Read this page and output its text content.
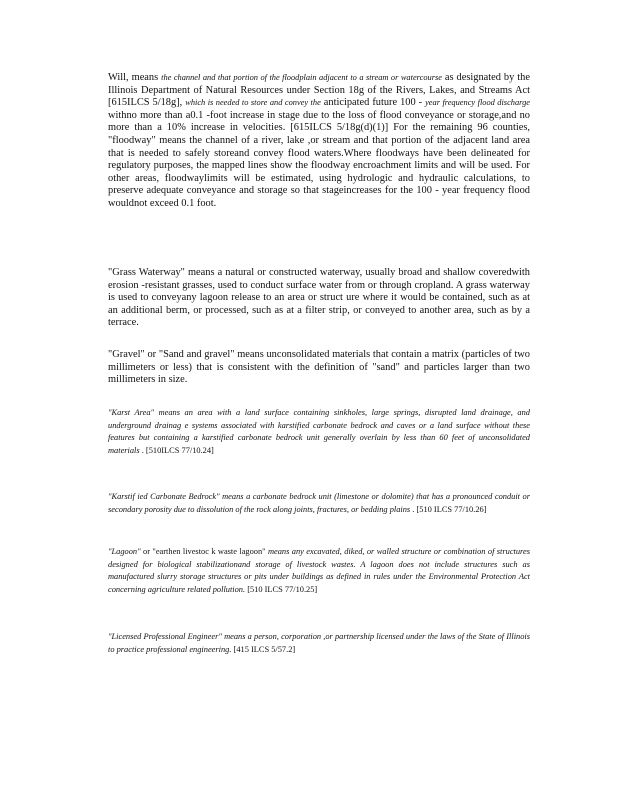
Will, means the channel and that portion of the floodplain adjacent to a stream or watercourse as designated by the Illinois Department of Natural Resources under Section 18g of the Rivers, Lakes, and Streams Act [615ILCS 5/18g], which is needed to store and convey the anticipated future 100 - year frequency flood discharge withno more than a0.1 -foot increase in stage due to the loss of flood conveyance or storage,and no more than a 10% increase in velocities. [615ILCS 5/18g(d)(1)] For the remaining 96 counties, "floodway" means the channel of a river, lake ,or stream and that portion of the adjacent land area that is needed to safely storeand convey flood waters.Where floodways have been delineated for regulatory purposes, the mapped lines show the floodway encroachment limits and will be used. For other areas, floodwaylimits will be estimated, using hydrologic and hydraulic calculations, to preserve adequate conveyance and storage so that stageincreases for the 100 - year frequency flood wouldnot exceed 0.1 foot.
"Grass Waterway" means a natural or constructed waterway, usually broad and shallow coveredwith erosion -resistant grasses, used to conduct surface water from or through cropland. A grass waterway is used to conveyany lagoon release to an area or struct ure where it would be contained, such as at an additional berm, or processed, such as at a filter strip, or conveyed to another area, such as by a terrace.
"Gravel" or "Sand and gravel" means unconsolidated materials that contain a matrix (particles of two millimeters or less) that is consistent with the definition of "sand" and particles larger than two millimeters in size.
"Karst Area" means an area with a land surface containing sinkholes, large springs, disrupted land drainage, and underground drainag e systems associated with karstified carbonate bedrock and caves or a land surface without these features but containing a karstified carbonate bedrock unit generally overlain by less than 60 feet of unconsolidated materials . [510ILCS 77/10.24]
"Karstif ied Carbonate Bedrock" means a carbonate bedrock unit (limestone or dolomite) that has a pronounced conduit or secondary porosity due to dissolution of the rock along joints, fractures, or bedding plains . [510 ILCS 77/10.26]
"Lagoon" or "earthen livestoc k waste lagoon" means any excavated, diked, or walled structure or combination of structures designed for biological stabilizationand storage of livestock wastes. A lagoon does not include structures such as manufactured slurry storage structures or pits under buildings as defined in rules under the Environmental Protection Act concerning agriculture related pollution. [510 ILCS 77/10.25]
"Licensed Professional Engineer" means a person, corporation ,or partnership licensed under the laws of the State of Illinois to practice professional engineering. [415 ILCS 5/57.2]
